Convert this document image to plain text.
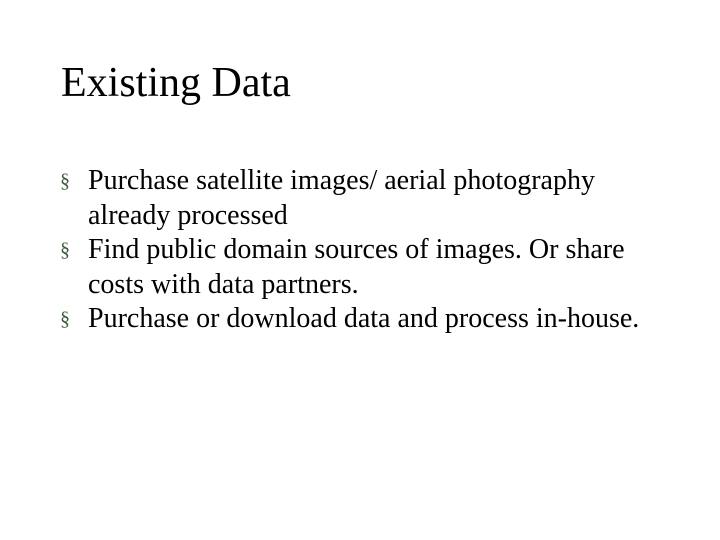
Existing Data
§ Purchase satellite images/ aerial photography already processed
§ Find public domain sources of images. Or share costs with data partners.
§ Purchase or download data and process in-house.
